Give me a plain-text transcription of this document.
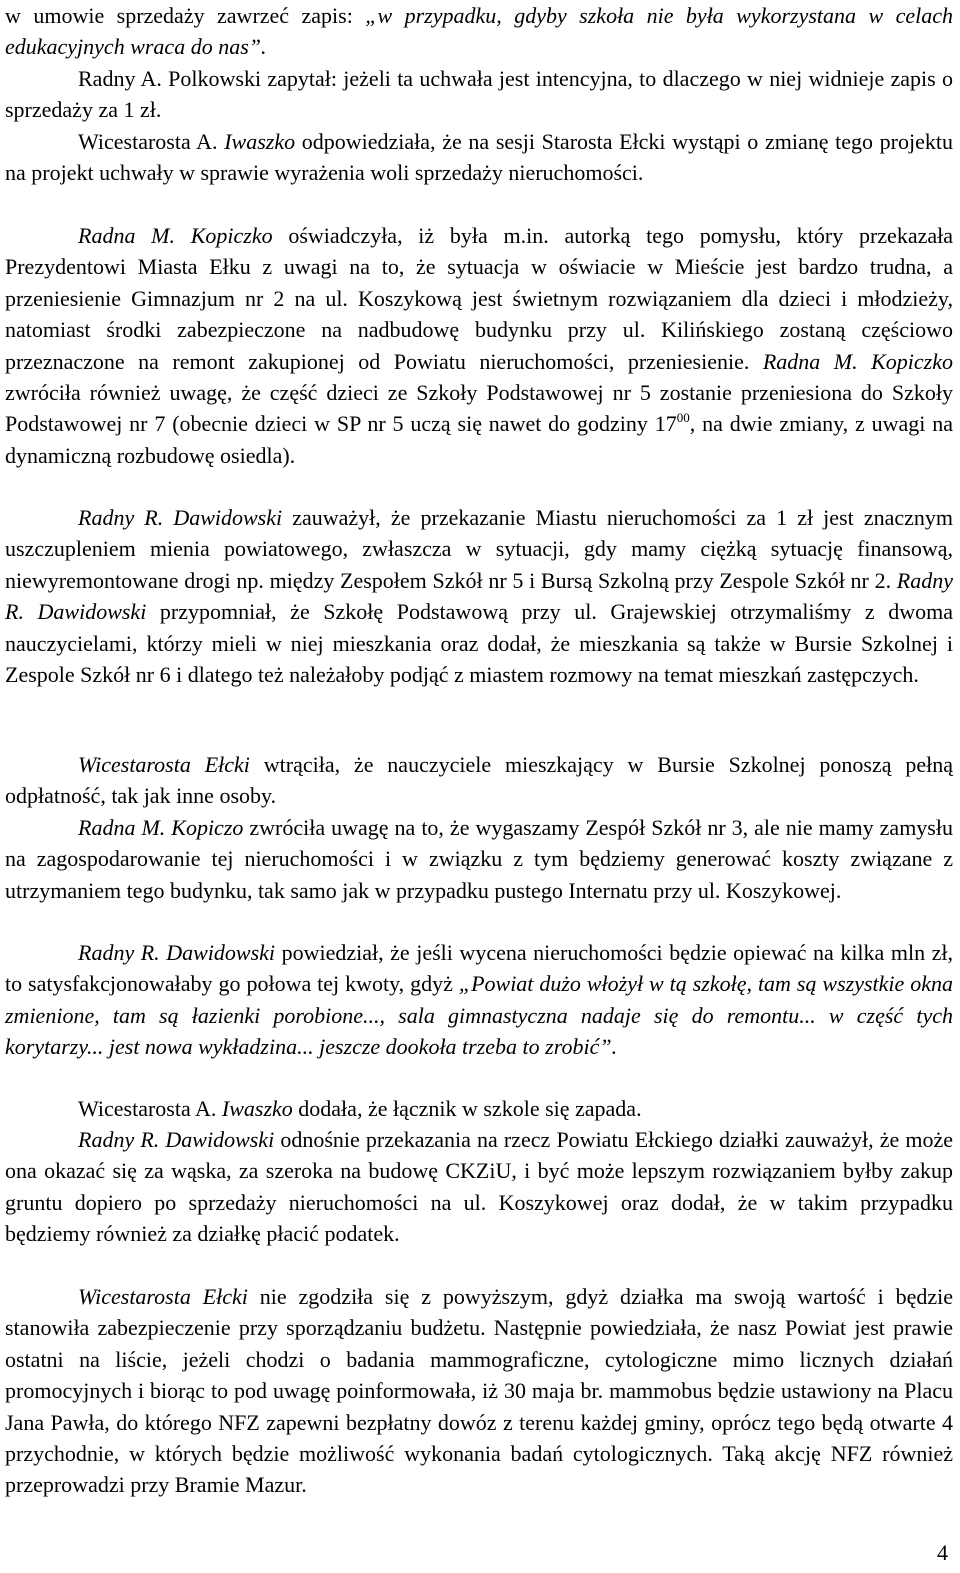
w umowie sprzedaży zawrzeć zapis: „w przypadku, gdyby szkoła nie była wykorzystana w celach edukacyjnych wraca do nas”.

Radny A. Polkowski zapytał: jeżeli ta uchwała jest intencyjna, to dlaczego w niej widnieje zapis o sprzedaży za 1 zł.

Wicestarosta A. Iwaszko odpowiedziała, że na sesji Starosta Ełcki wystąpi o zmianę tego projektu na projekt uchwały w sprawie wyrażenia woli sprzedaży nieruchomości.

Radna M. Kopiczko oświadczyła, iż była m.in. autorką tego pomysłu, który przekazała Prezydentowi Miasta Ełku z uwagi na to, że sytuacja w oświacie w Mieście jest bardzo trudna, a przeniesienie Gimnazjum nr 2 na ul. Koszykową jest świetnym rozwiązaniem dla dzieci i młodzieży, natomiast środki zabezpieczone na nadbudowę budynku przy ul. Kilińskiego zostaną częściowo przeznaczone na remont zakupionej od Powiatu nieruchomości, przeniesienie. Radna M. Kopiczko zwróciła również uwagę, że część dzieci ze Szkoły Podstawowej nr 5 zostanie przeniesiona do Szkoły Podstawowej nr 7 (obecnie dzieci w SP nr 5 uczą się nawet do godziny $17^{00}$, na dwie zmiany, z uwagi na dynamiczną rozbudowę osiedla).

Radny R. Dawidowski zauważył, że przekazanie Miastu nieruchomości za 1 zł jest znacznym uszczupleniem mienia powiatowego, zwłaszcza w sytuacji, gdy mamy ciężką sytuację finansową, niewyremontowane drogi np. między Zespołem Szkół nr 5 i Bursą Szkolną przy Zespole Szkół nr 2. Radny R. Dawidowski przypomniał, że Szkołę Podstawową przy ul. Grajewskiej otrzymaliśmy z dwoma nauczycielami, którzy mieli w niej mieszkania oraz dodał, że mieszkania są także w Bursie Szkolnej i Zespole Szkół nr 6 i dlatego też należałoby podjąć z miastem rozmowy na temat mieszkań zastępczych.

Wicestarosta Ełcki wtrąciła, że nauczyciele mieszkający w Bursie Szkolnej ponoszą pełną odpłatność, tak jak inne osoby.

Radna M. Kopiczo zwróciła uwagę na to, że wygaszamy Zespół Szkół nr 3, ale nie mamy zamysłu na zagospodarowanie tej nieruchomości i w związku z tym będziemy generować koszty związane z utrzymaniem tego budynku, tak samo jak w przypadku pustego Internatu przy ul. Koszykowej.

Radny R. Dawidowski powiedział, że jeśli wycena nieruchomości będzie opiewać na kilka mln zł, to satysfakcjonowałaby go połowa tej kwoty, gdyż „Powiat dużo włożył w tą szkołę, tam są wszystkie okna zmienione, tam są łazienki porobione..., sala gimnastyczna nadaje się do remontu... w część tych korytarzy... jest nowa wykładzina... jeszcze dookoła trzeba to zrobić”.

Wicestarosta A. Iwaszko dodała, że łącznik w szkole się zapada.

Radny R. Dawidowski odnośnie przekazania na rzecz Powiatu Ełckiego działki zauważył, że może ona okazać się za wąska, za szeroka na budowę CKZiU, i być może lepszym rozwiązaniem byłby zakup gruntu dopiero po sprzedaży nieruchomości na ul. Koszykowej oraz dodał, że w takim przypadku będziemy również za działkę płacić podatek.

Wicestarosta Ełcki nie zgodziła się z powyższym, gdyż działka ma swoją wartość i będzie stanowiła zabezpieczenie przy sporządzaniu budżetu. Następnie powiedziała, że nasz Powiat jest prawie ostatni na liście, jeżeli chodzi o badania mammograficzne, cytologiczne mimo licznych działań promocyjnych i biorąc to pod uwagę poinformowała, iż 30 maja br. mammobus będzie ustawiony na Placu Jana Pawła, do którego NFZ zapewni bezpłatny dowóz z terenu każdej gminy, oprócz tego będą otwarte 4 przychodnie, w których będzie możliwość wykonania badań cytologicznych. Taką akcję NFZ również przeprowadzi przy Bramie Mazur.

4
